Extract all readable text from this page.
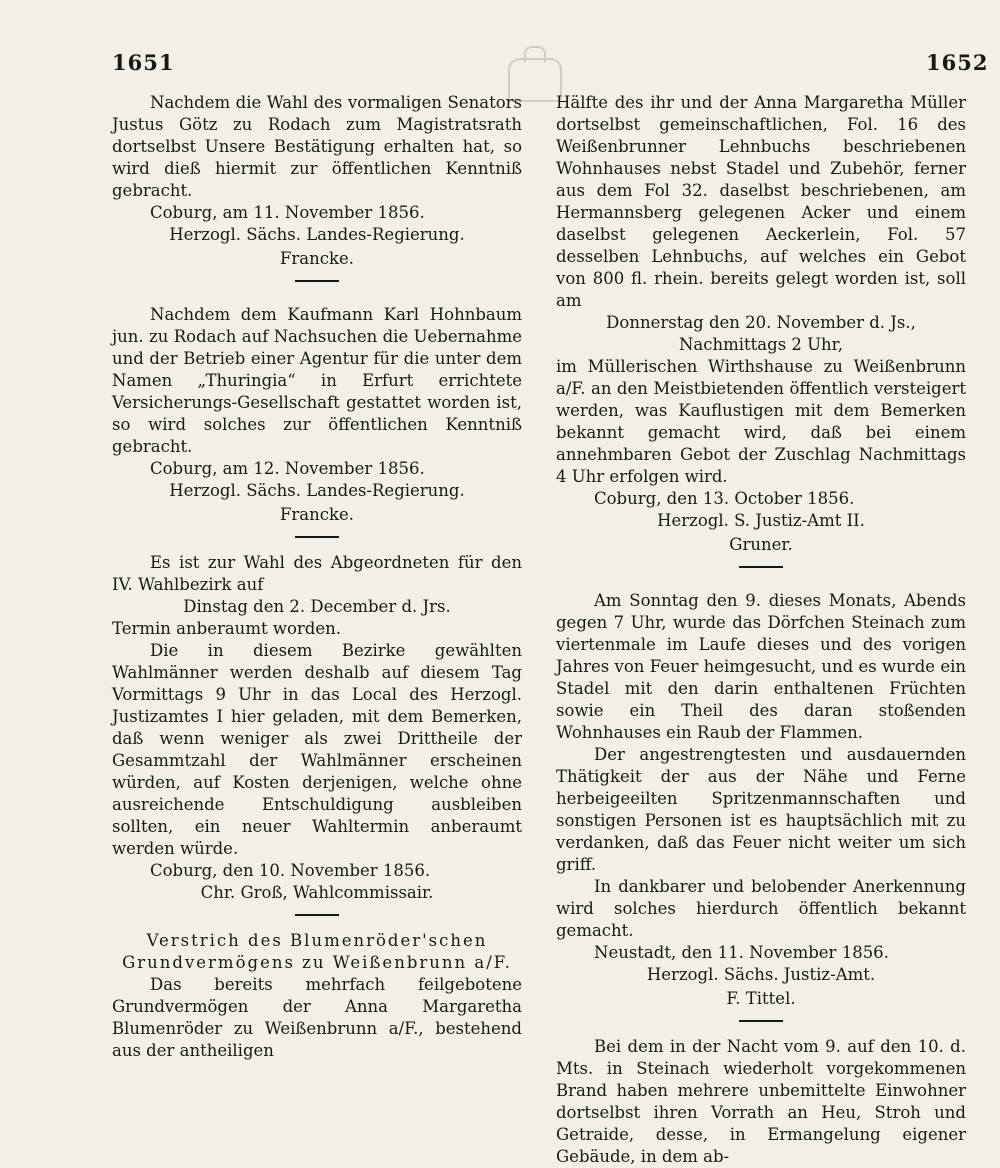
1651	1652

Nachdem die Wahl des vormaligen Senators Justus Götz zu Rodach zum Magistratsrath dortselbst Unsere Bestätigung erhalten hat, so wird dieß hiermit zur öffentlichen Kenntniß gebracht.

Coburg, am 11. November 1856.

Herzogl. Sächs. Landes-Regierung.

Francke.

Nachdem dem Kaufmann Karl Hohnbaum jun. zu Rodach auf Nachsuchen die Uebernahme und der Betrieb einer Agentur für die unter dem Namen „Thuringia“ in Erfurt errichtete Versicherungs-Gesellschaft gestattet worden ist, so wird solches zur öffentlichen Kenntniß gebracht.

Coburg, am 12. November 1856.

Herzogl. Sächs. Landes-Regierung.

Francke.

Es ist zur Wahl des Abgeordneten für den IV. Wahlbezirk auf

Dinstag den 2. December d. Jrs.

Termin anberaumt worden.

Die in diesem Bezirke gewählten Wahlmänner werden deshalb auf diesem Tag Vormittags 9 Uhr in das Local des Herzogl. Justizamtes I hier geladen, mit dem Bemerken, daß wenn weniger als zwei Drittheile der Gesammtzahl der Wahlmänner erscheinen würden, auf Kosten derjenigen, welche ohne ausreichende Entschuldigung ausbleiben sollten, ein neuer Wahltermin anberaumt werden würde.

Coburg, den 10. November 1856.

Chr. Groß, Wahlcommissair.

Verstrich des Blumenröder'schen Grundvermögens zu Weißenbrunn a/F.

Das bereits mehrfach feilgebotene Grundvermögen der Anna Margaretha Blumenröder zu Weißenbrunn a/F., bestehend aus der antheiligen

Hälfte des ihr und der Anna Margaretha Müller dortselbst gemeinschaftlichen, Fol. 16 des Weißenbrunner Lehnbuchs beschriebenen Wohnhauses nebst Stadel und Zubehör, ferner aus dem Fol 32. daselbst beschriebenen, am Hermannsberg gelegenen Acker und einem daselbst gelegenen Aeckerlein, Fol. 57 desselben Lehnbuchs, auf welches ein Gebot von 800 fl. rhein. bereits gelegt worden ist, soll am

Donnerstag den 20. November d. Js.,

Nachmittags 2 Uhr,

im Müllerischen Wirthshause zu Weißenbrunn a/F. an den Meistbietenden öffentlich versteigert werden, was Kauflustigen mit dem Bemerken bekannt gemacht wird, daß bei einem annehmbaren Gebot der Zuschlag Nachmittags 4 Uhr erfolgen wird.

Coburg, den 13. October 1856.

Herzogl. S. Justiz-Amt II.

Gruner.

Am Sonntag den 9. dieses Monats, Abends gegen 7 Uhr, wurde das Dörfchen Steinach zum viertenmale im Laufe dieses und des vorigen Jahres von Feuer heimgesucht, und es wurde ein Stadel mit den darin enthaltenen Früchten sowie ein Theil des daran stoßenden Wohnhauses ein Raub der Flammen.

Der angestrengtesten und ausdauernden Thätigkeit der aus der Nähe und Ferne herbeigeeilten Spritzenmannschaften und sonstigen Personen ist es hauptsächlich mit zu verdanken, daß das Feuer nicht weiter um sich griff.

In dankbarer und belobender Anerkennung wird solches hierdurch öffentlich bekannt gemacht.

Neustadt, den 11. November 1856.

Herzogl. Sächs. Justiz-Amt.

F. Tittel.

Bei dem in der Nacht vom 9. auf den 10. d. Mts. in Steinach wiederholt vorgekommenen Brand haben mehrere unbemittelte Einwohner dortselbst ihren Vorrath an Heu, Stroh und Getraide, desse, in Ermangelung eigener Gebäude, in dem ab-
